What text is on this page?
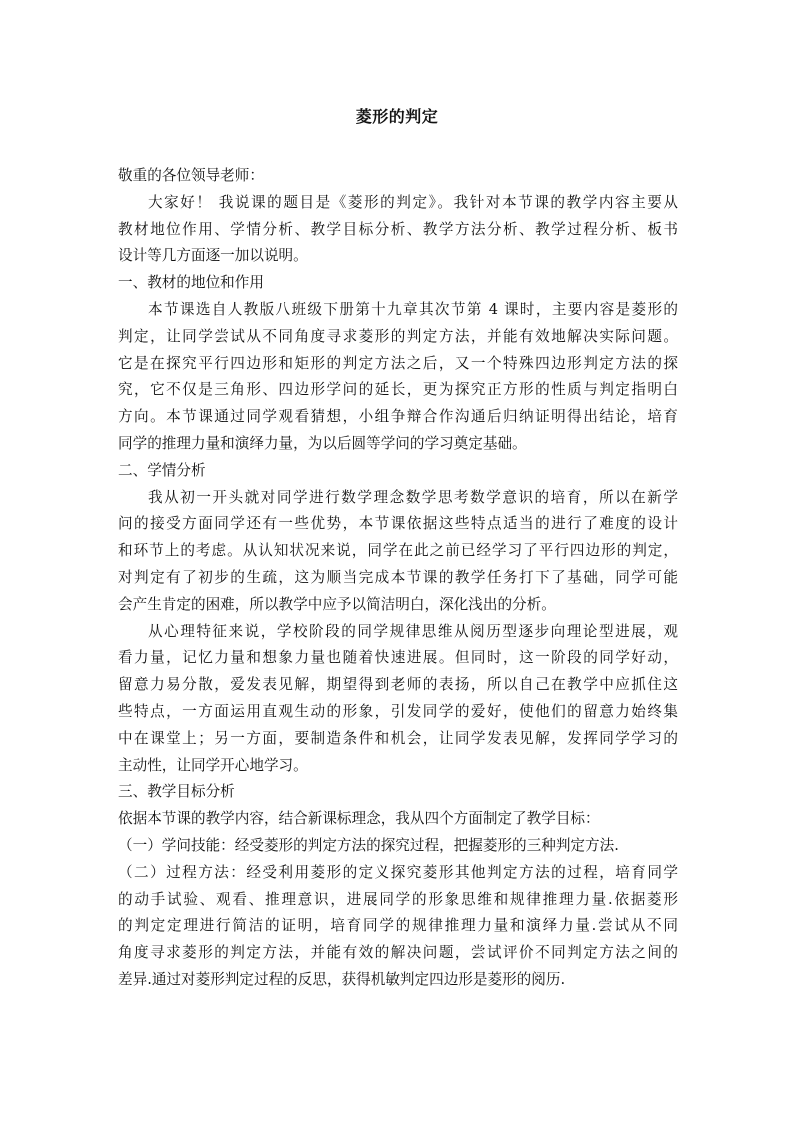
菱形的判定
敬重的各位领导老师：
大家好！ 我说课的题目是《菱形的判定》。我针对本节课的教学内容主要从
教材地位作用、学情分析、教学目标分析、教学方法分析、教学过程分析、板书
设计等几方面逐一加以说明。
一、教材的地位和作用
本节课选自人教版八班级下册第十九章其次节第 4 课时，主要内容是菱形的
判定，让同学尝试从不同角度寻求菱形的判定方法，并能有效地解决实际问题。
它是在探究平行四边形和矩形的判定方法之后，又一个特殊四边形判定方法的探
究，它不仅是三角形、四边形学问的延长，更为探究正方形的性质与判定指明白
方向。本节课通过同学观看猜想，小组争辩合作沟通后归纳证明得出结论，培育
同学的推理力量和演绎力量，为以后圆等学问的学习奠定基础。
二、学情分析
我从初一开头就对同学进行数学理念数学思考数学意识的培育，所以在新学
问的接受方面同学还有一些优势，本节课依据这些特点适当的进行了难度的设计
和环节上的考虑。从认知状况来说，同学在此之前已经学习了平行四边形的判定，
对判定有了初步的生疏，这为顺当完成本节课的教学任务打下了基础，同学可能
会产生肯定的困难，所以教学中应予以简洁明白，深化浅出的分析。
从心理特征来说，学校阶段的同学规律思维从阅历型逐步向理论型进展，观
看力量，记忆力量和想象力量也随着快速进展。但同时，这一阶段的同学好动，
留意力易分散，爱发表见解，期望得到老师的表扬，所以自己在教学中应抓住这
些特点，一方面运用直观生动的形象，引发同学的爱好，使他们的留意力始终集
中在课堂上；另一方面，要制造条件和机会，让同学发表见解，发挥同学学习的
主动性，让同学开心地学习。
三、教学目标分析
依据本节课的教学内容，结合新课标理念，我从四个方面制定了教学目标：
（一）学问技能：经受菱形的判定方法的探究过程，把握菱形的三种判定方法.
（二）过程方法：经受利用菱形的定义探究菱形其他判定方法的过程，培育同学
的动手试验、观看、推理意识，进展同学的形象思维和规律推理力量.依据菱形
的判定定理进行简洁的证明，培育同学的规律推理力量和演绎力量.尝试从不同
角度寻求菱形的判定方法，并能有效的解决问题，尝试评价不同判定方法之间的
差异.通过对菱形判定过程的反思，获得机敏判定四边形是菱形的阅历.
